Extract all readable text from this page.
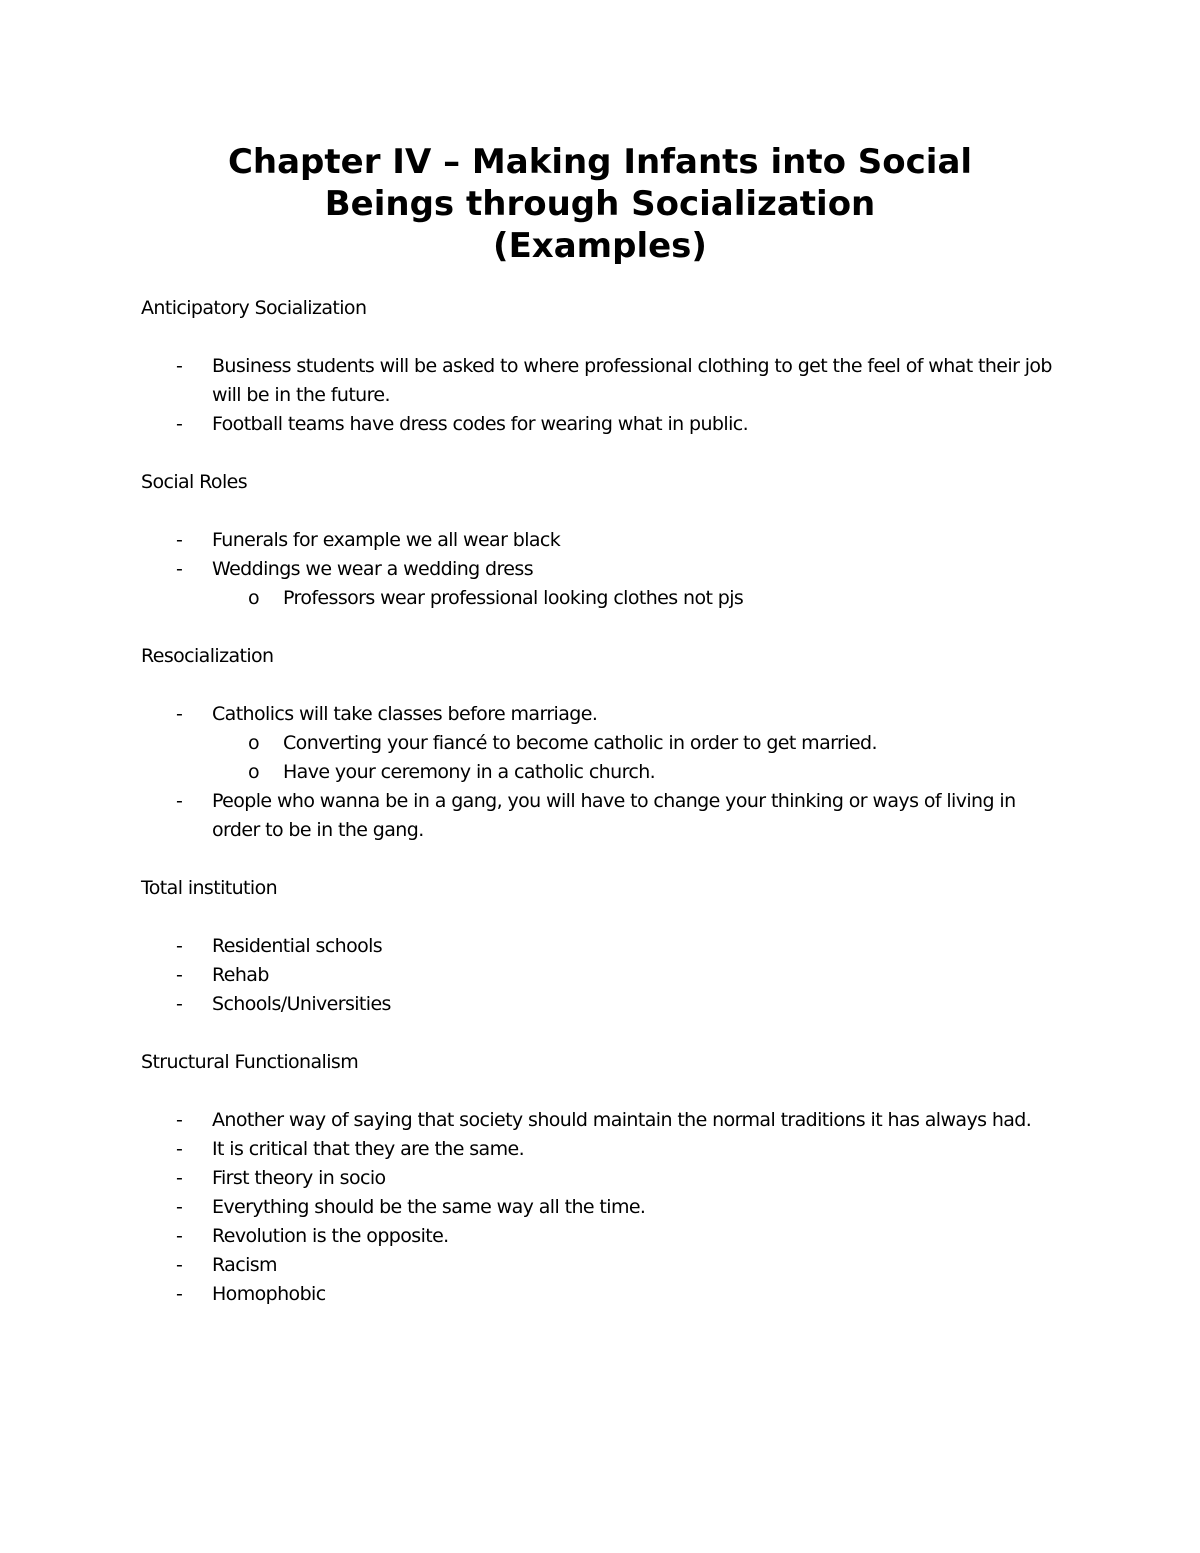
Chapter IV – Making Infants into Social
Beings through Socialization
(Examples)
Anticipatory Socialization
- Business students will be asked to where professional clothing to get the feel of what their job will be in the future.
- Football teams have dress codes for wearing what in public.
Social Roles
- Funerals for example we all wear black
- Weddings we wear a wedding dress
o Professors wear professional looking clothes not pjs
Resocialization
- Catholics will take classes before marriage.
o Converting your fiancé to become catholic in order to get married.
o Have your ceremony in a catholic church.
- People who wanna be in a gang, you will have to change your thinking or ways of living in order to be in the gang.
Total institution
- Residential schools
- Rehab
- Schools/Universities
Structural Functionalism
- Another way of saying that society should maintain the normal traditions it has always had.
- It is critical that they are the same.
- First theory in socio
- Everything should be the same way all the time.
- Revolution is the opposite.
- Racism
- Homophobic
